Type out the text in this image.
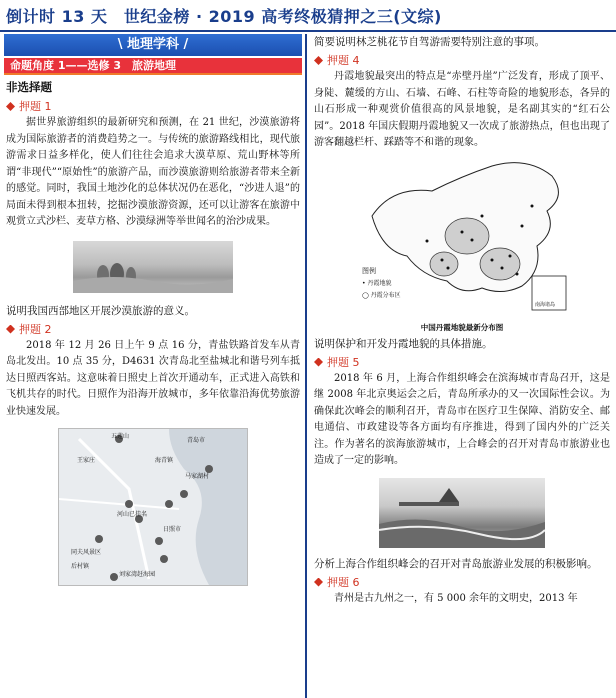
倒计时 13 天　世纪金榜 · 2019 高考终极猜押之三(文综)
\ 地理学科 /
命题角度 1——选修 3　旅游地理
非选择题
押题 1
据世界旅游组织的最新研究和预测，在 21 世纪，沙漠旅游将成为国际旅游者的消费趋势之一。与传统的旅游路线相比，现代旅游需求日益多样化，使人们往往会追求大漠草原、荒山野林等所谓“非现代”“原始性”的旅游产品，而沙漠旅游则给旅游者带来全新的感觉。同时，我国土地沙化的总体状况仍在恶化，“沙进人退”的局面未得到根本扭转，挖掘沙漠旅游资源，还可以让游客在旅游中观赏立式沙栏、麦草方格、沙漠绿洲等举世闻名的治沙成果。
说明我国西部地区开展沙漠旅游的意义。
押题 2
2018 年 12 月 26 日上午 9 点 16 分，青盐铁路首发车从青岛北发出。10 点 35 分，D4631 次青岛北至盐城北和谐号列车抵达日照西客站。这意味着日照史上首次开通动车，正式进入高铁和飞机共存的时代。日照作为沿海开放城市，多年依靠沿海优势旅游业快速发展。
五莲山
王家庄
青岛市
海青镇
马家湖村
河山已挂名
日照市
同夫风景区
后村镇
刘家湾赶海园
简要说明林芝桃花节自驾游需要特别注意的事项。
押题 4
丹霞地貌最突出的特点是“赤壁丹崖”广泛发育，形成了顶平、身陡、麓缓的方山、石墙、石峰、石柱等奇险的地貌形态，各异的山石形成一种观赏价值很高的风景地貌，是名副其实的“红石公园”。2018 年国庆假期丹霞地貌又一次成了旅游热点，但也出现了游客翻越栏杆、踩踏等不和谐的现象。
图例
• 丹霞地貌
◯ 丹霞分布区
南海诸岛
中国丹霞地貌最新分布图
说明保护和开发丹霞地貌的具体措施。
押题 5
2018 年 6 月，上海合作组织峰会在滨海城市青岛召开，这是继 2008 年北京奥运会之后，青岛所承办的又一次国际性会议。为确保此次峰会的顺利召开，青岛市在医疗卫生保障、消防安全、邮电通信、市政建设等各方面均有序推进，得到了国内外的广泛关注。作为著名的滨海旅游城市，上合峰会的召开对青岛市旅游业也造成了一定的影响。
分析上海合作组织峰会的召开对青岛旅游业发展的积极影响。
押题 6
青州是古九州之一，有 5 000 余年的文明史，2013 年
